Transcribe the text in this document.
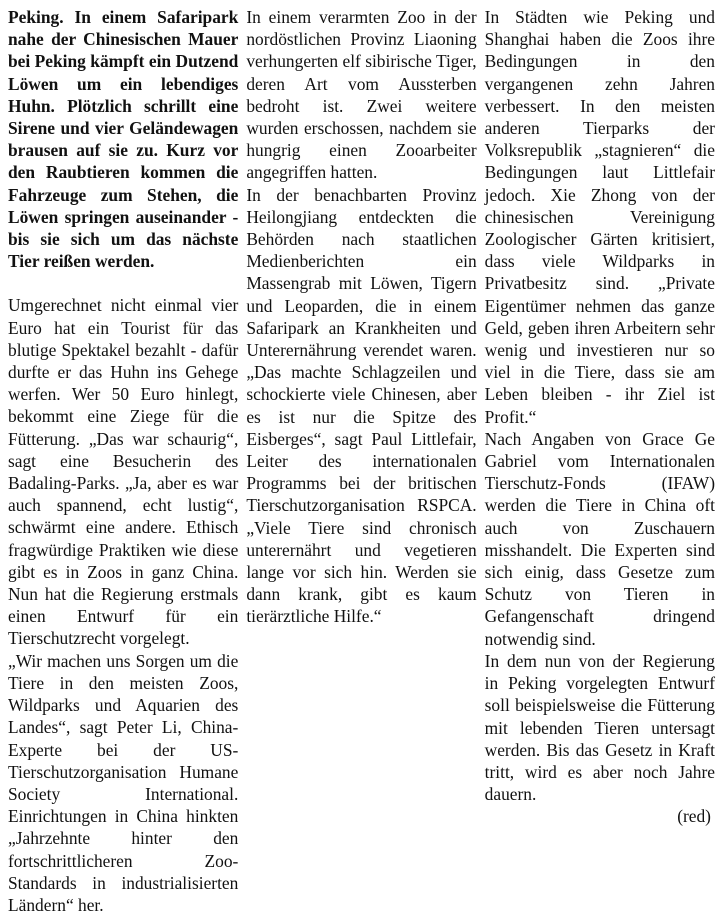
Peking. In einem Safaripark nahe der Chinesischen Mauer bei Peking kämpft ein Dutzend Löwen um ein lebendiges Huhn. Plötzlich schrillt eine Sirene und vier Geländewagen brausen auf sie zu. Kurz vor den Raubtieren kommen die Fahrzeuge zum Stehen, die Löwen springen auseinander - bis sie sich um das nächste Tier reißen werden.

Umgerechnet nicht einmal vier Euro hat ein Tourist für das blutige Spektakel bezahlt - dafür durfte er das Huhn ins Gehege werfen. Wer 50 Euro hinlegt, bekommt eine Ziege für die Fütterung. „Das war schaurig“, sagt eine Besucherin des Badaling-Parks. „Ja, aber es war auch spannend, echt lustig“, schwärmt eine andere. Ethisch fragwürdige Praktiken wie diese gibt es in Zoos in ganz China. Nun hat die Regierung erstmals einen Entwurf für ein Tierschutzrecht vorgelegt.

„Wir machen uns Sorgen um die Tiere in den meisten Zoos, Wildparks und Aquarien des Landes“, sagt Peter Li, China-Experte bei der US-Tierschutzorganisation Humane Society International. Einrichtungen in China hinkten „Jahrzehnte hinter den fortschrittlicheren Zoo-Standards in industrialisierten Ländern“ her.

In einem verarmten Zoo in der nordöstlichen Provinz Liaoning verhungerten elf sibirische Tiger, deren Art vom Aussterben bedroht ist. Zwei weitere wurden erschossen, nachdem sie hungrig einen Zooarbeiter angegriffen hatten.

In der benachbarten Provinz Heilongjiang entdeckten die Behörden nach staatlichen Medienberichten ein Massengrab mit Löwen, Tigern und Leoparden, die in einem Safaripark an Krankheiten und Unterernährung verendet waren. „Das machte Schlagzeilen und schockierte viele Chinesen, aber es ist nur die Spitze des Eisberges“, sagt Paul Littlefair, Leiter des internationalen Programms bei der britischen Tierschutzorganisation RSPCA. „Viele Tiere sind chronisch unterernährt und vegetieren lange vor sich hin. Werden sie dann krank, gibt es kaum tierärztliche Hilfe.“

In Städten wie Peking und Shanghai haben die Zoos ihre Bedingungen in den vergangenen zehn Jahren verbessert. In den meisten anderen Tierparks der Volksrepublik „stagnieren“ die Bedingungen laut Littlefair jedoch. Xie Zhong von der chinesischen Vereinigung Zoologischer Gärten kritisiert, dass viele Wildparks in Privatbesitz sind. „Private Eigentümer nehmen das ganze Geld, geben ihren Arbeitern sehr wenig und investieren nur so viel in die Tiere, dass sie am Leben bleiben - ihr Ziel ist Profit.“

Nach Angaben von Grace Ge Gabriel vom Internationalen Tierschutz-Fonds (IFAW) werden die Tiere in China oft auch von Zuschauern misshandelt. Die Experten sind sich einig, dass Gesetze zum Schutz von Tieren in Gefangenschaft dringend notwendig sind.

In dem nun von der Regierung in Peking vorgelegten Entwurf soll beispielsweise die Fütterung mit lebenden Tieren untersagt werden. Bis das Gesetz in Kraft tritt, wird es aber noch Jahre dauern.

(red)
